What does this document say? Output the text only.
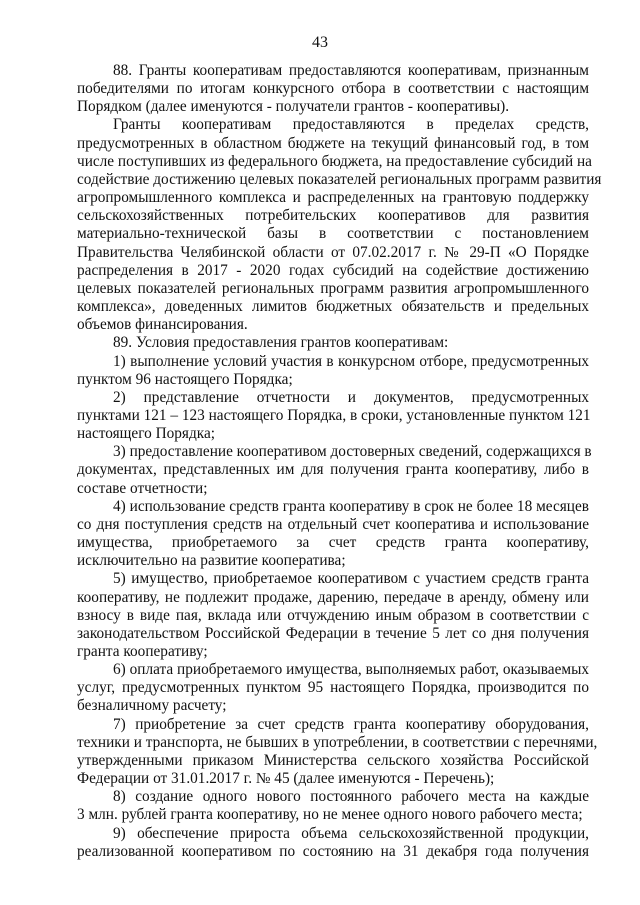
43

88. Гранты кооперативам предоставляются кооперативам, признанным
победителями по итогам конкурсного отбора в соответствии с настоящим
Порядком (далее именуются - получатели грантов - кооперативы).

Гранты кооперативам предоставляются в пределах средств,
предусмотренных в областном бюджете на текущий финансовый год, в том
числе поступивших из федерального бюджета, на предоставление субсидий на
содействие достижению целевых показателей региональных программ развития
агропромышленного комплекса и распределенных на грантовую поддержку
сельскохозяйственных потребительских кооперативов для развития
материально-технической базы в соответствии с постановлением
Правительства Челябинской области от 07.02.2017 г. № 29-П «О Порядке
распределения в 2017 - 2020 годах субсидий на содействие достижению
целевых показателей региональных программ развития агропромышленного
комплекса», доведенных лимитов бюджетных обязательств и предельных
объемов финансирования.

89. Условия предоставления грантов кооперативам:

1) выполнение условий участия в конкурсном отборе, предусмотренных
пунктом 96 настоящего Порядка;

2) представление отчетности и документов, предусмотренных
пунктами 121 – 123 настоящего Порядка, в сроки, установленные пунктом 121
настоящего Порядка;

3) предоставление кооперативом достоверных сведений, содержащихся в
документах, представленных им для получения гранта кооперативу, либо в
составе отчетности;

4) использование средств гранта кооперативу в срок не более 18 месяцев
со дня поступления средств на отдельный счет кооператива и использование
имущества, приобретаемого за счет средств гранта кооперативу,
исключительно на развитие кооператива;

5) имущество, приобретаемое кооперативом с участием средств гранта
кооперативу, не подлежит продаже, дарению, передаче в аренду, обмену или
взносу в виде пая, вклада или отчуждению иным образом в соответствии с
законодательством Российской Федерации в течение 5 лет со дня получения
гранта кооперативу;

6) оплата приобретаемого имущества, выполняемых работ, оказываемых
услуг, предусмотренных пунктом 95 настоящего Порядка, производится по
безналичному расчету;

7) приобретение за счет средств гранта кооперативу оборудования,
техники и транспорта, не бывших в употреблении, в соответствии с перечнями,
утвержденными приказом Министерства сельского хозяйства Российской
Федерации от 31.01.2017 г. № 45 (далее именуются - Перечень);

8) создание одного нового постоянного рабочего места на каждые
3 млн. рублей гранта кооперативу, но не менее одного нового рабочего места;

9) обеспечение прироста объема сельскохозяйственной продукции,
реализованной кооперативом по состоянию на 31 декабря года получения
